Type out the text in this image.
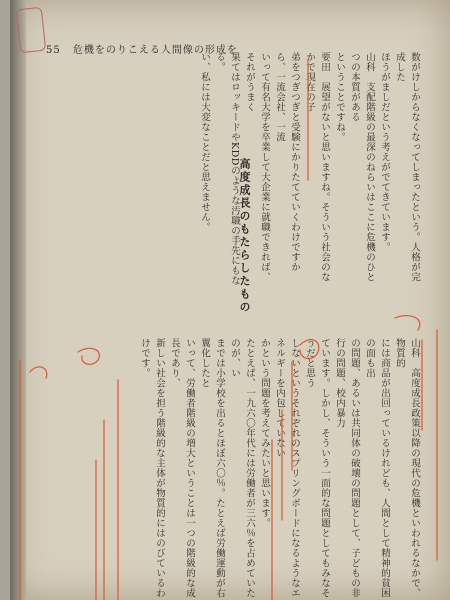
55 危機をのりこえる人間像の形成を
数がけしからなくなってしまったという。人格が完成した
ほうがましだという考えがでてきています。
山科　支配階級の最深のねらいはここに危機のひとつの本質がある
ということですね。
要田　展望がないと思いますね。そういう社会のなかで現在の子
弟をつぎつぎと受験にかりたてていくわけですから、一流会社、一流
いって有名大学を卒業して大企業に就職できれば、それがうまく
果てはロッキードやKDDのような汚職の手先にもなる。
い、私には大変なことだと思えません。
高度成長のもたらしたもの
山科　高度成長政策以降の現代の危機といわれるなかで、物質的
には商品が出回っているけれども、人間として精神的貧困の面も出
の問題、あるいは共同体の破壊の問題として、子どもの非行の問題、校内暴力
ています。しかし、そういう一面的な問題としてもみなそうだと思う
しないというそれぞれのスプリングボードになるようなエネルギーを内包していない
かという問題を考えてみたいと思います。
たとえば、一九六〇年代には労働者が三六％を占めていたのが、い
までは小学校を出るとほぼ六〇％。たとえば労働運動が右翼化したと
いって、労働者階級の増大ということは一つの階級的な成長であり、
新しい社会を担う階級的な主体が物質的にはのびているわけです。
